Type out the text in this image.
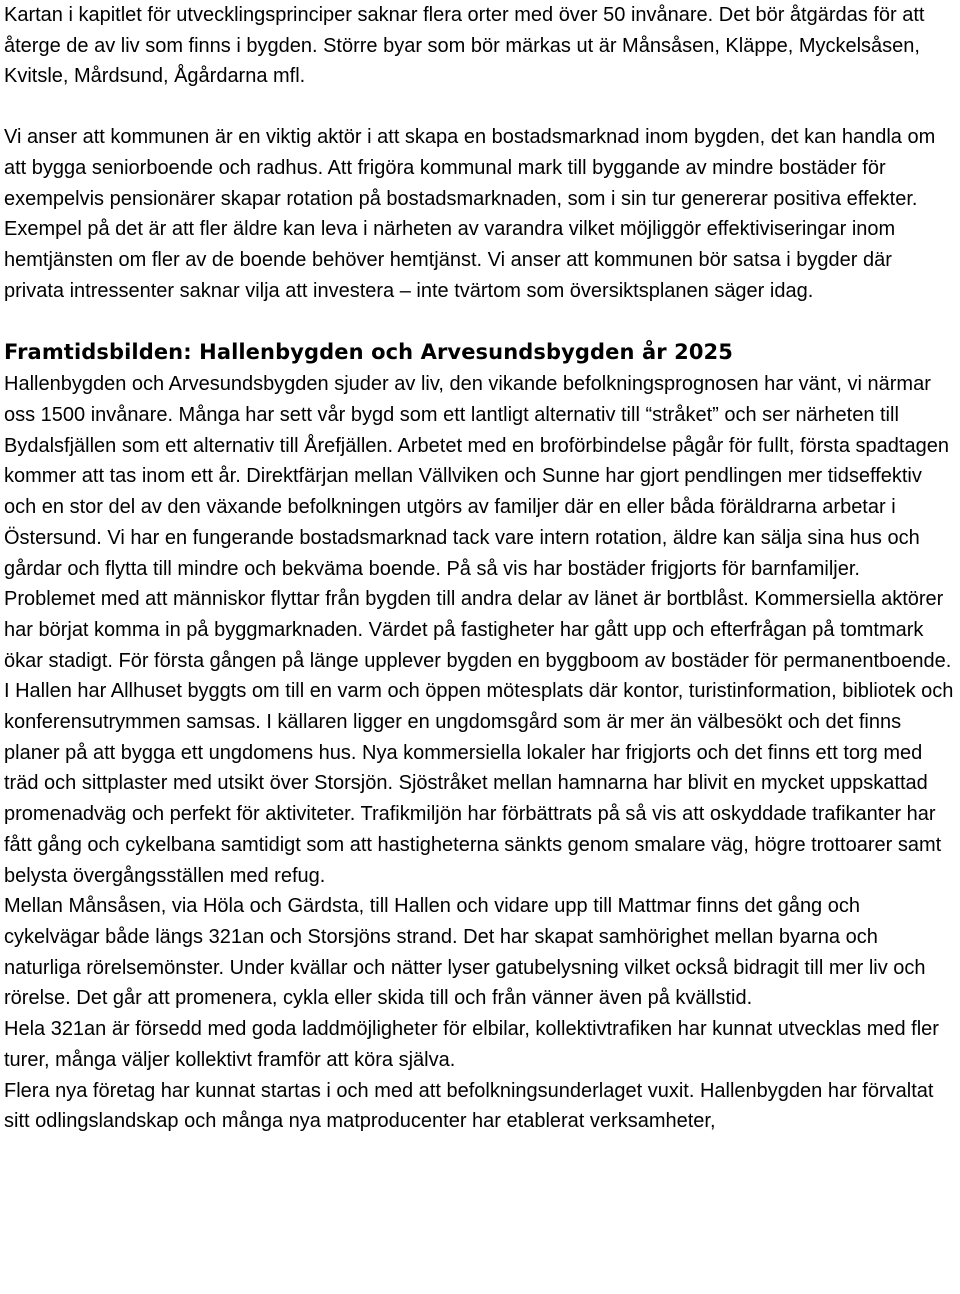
Kartan i kapitlet för utvecklingsprinciper saknar flera orter med över 50 invånare. Det bör åtgärdas för att återge de av liv som finns i bygden. Större byar som bör märkas ut är Månsåsen, Kläppe, Myckelsåsen, Kvitsle, Mårdsund, Ågårdarna mfl.

Vi anser att kommunen är en viktig aktör i att skapa en bostadsmarknad inom bygden, det kan handla om att bygga seniorboende och radhus. Att frigöra kommunal mark till byggande av mindre bostäder för exempelvis pensionärer skapar rotation på bostadsmarknaden, som i sin tur genererar positiva effekter. Exempel på det är att fler äldre kan leva i närheten av varandra vilket möjliggör effektiviseringar inom hemtjänsten om fler av de boende behöver hemtjänst. Vi anser att kommunen bör satsa i bygder där privata intressenter saknar vilja att investera – inte tvärtom som översiktsplanen säger idag.

Framtidsbilden: Hallenbygden och Arvesundsbygden år 2025

Hallenbygden och Arvesundsbygden sjuder av liv, den vikande befolkningsprognosen har vänt, vi närmar oss 1500 invånare. Många har sett vår bygd som ett lantligt alternativ till “stråket” och ser närheten till Bydalsfjällen som ett alternativ till Årefjällen. Arbetet med en broförbindelse pågår för fullt, första spadtagen kommer att tas inom ett år. Direktfärjan mellan Vällviken och Sunne har gjort pendlingen mer tidseffektiv och en stor del av den växande befolkningen utgörs av familjer där en eller båda föräldrarna arbetar i Östersund. Vi har en fungerande bostadsmarknad tack vare intern rotation, äldre kan sälja sina hus och gårdar och flytta till mindre och bekväma boende. På så vis har bostäder frigjorts för barnfamiljer. Problemet med att människor flyttar från bygden till andra delar av länet är bortblåst. Kommersiella aktörer har börjat komma in på byggmarknaden. Värdet på fastigheter har gått upp och efterfrågan på tomtmark ökar stadigt. För första gången på länge upplever bygden en byggboom av bostäder för permanentboende.

I Hallen har Allhuset byggts om till en varm och öppen mötesplats där kontor, turistinformation, bibliotek och konferensutrymmen samsas. I källaren ligger en ungdomsgård som är mer än välbesökt och det finns planer på att bygga ett ungdomens hus. Nya kommersiella lokaler har frigjorts och det finns ett torg med träd och sittplaster med utsikt över Storsjön. Sjöstråket mellan hamnarna har blivit en mycket uppskattad promenadväg och perfekt för aktiviteter. Trafikmiljön har förbättrats på så vis att oskyddade trafikanter har fått gång och cykelbana samtidigt som att hastigheterna sänkts genom smalare väg, högre trottoarer samt belysta övergångsställen med refug.

Mellan Månsåsen, via Höla och Gärdsta, till Hallen och vidare upp till Mattmar finns det gång och cykelvägar både längs 321an och Storsjöns strand. Det har skapat samhörighet mellan byarna och naturliga rörelsemönster. Under kvällar och nätter lyser gatubelysning vilket också bidragit till mer liv och rörelse. Det går att promenera, cykla eller skida till och från vänner även på kvällstid.

Hela 321an är försedd med goda laddmöjligheter för elbilar, kollektivtrafiken har kunnat utvecklas med fler turer, många väljer kollektivt framför att köra själva.

Flera nya företag har kunnat startas i och med att befolkningsunderlaget vuxit. Hallenbygden har förvaltat sitt odlingslandskap och många nya matproducenter har etablerat verksamheter,
